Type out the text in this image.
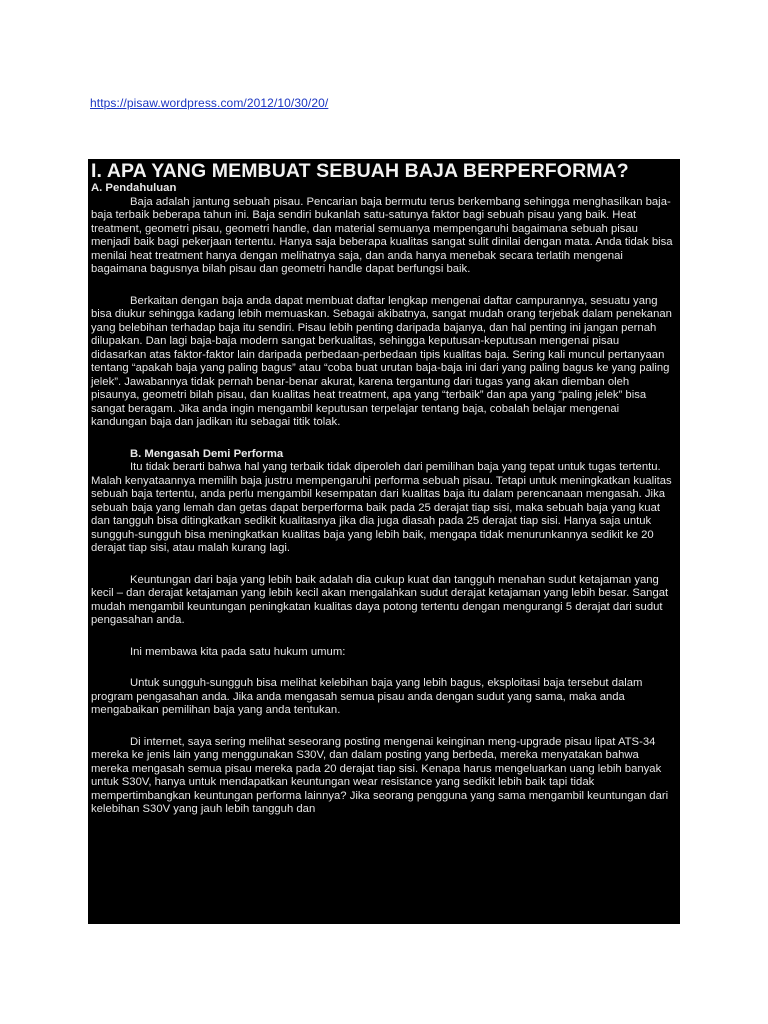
https://pisaw.wordpress.com/2012/10/30/20/
I. APA YANG MEMBUAT SEBUAH BAJA BERPERFORMA?
A. Pendahuluan

Baja adalah jantung sebuah pisau. Pencarian baja bermutu terus berkembang sehingga menghasilkan baja-baja terbaik beberapa tahun ini. Baja sendiri bukanlah satu-satunya faktor bagi sebuah pisau yang baik. Heat treatment, geometri pisau, geometri handle, dan material semuanya mempengaruhi bagaimana sebuah pisau menjadi baik bagi pekerjaan tertentu. Hanya saja beberapa kualitas sangat sulit dinilai dengan mata. Anda tidak bisa menilai heat treatment hanya dengan melihatnya saja, dan anda hanya menebak secara terlatih mengenai bagaimana bagusnya bilah pisau dan geometri handle dapat berfungsi baik.

Berkaitan dengan baja anda dapat membuat daftar lengkap mengenai daftar campurannya, sesuatu yang bisa diukur sehingga kadang lebih memuaskan. Sebagai akibatnya, sangat mudah orang terjebak dalam penekanan yang belebihan terhadap baja itu sendiri. Pisau lebih penting daripada bajanya, dan hal penting ini jangan pernah dilupakan. Dan lagi baja-baja modern sangat berkualitas, sehingga keputusan-keputusan mengenai pisau didasarkan atas faktor-faktor lain daripada perbedaan-perbedaan tipis kualitas baja. Sering kali muncul pertanyaan tentang “apakah baja yang paling bagus” atau “coba buat urutan baja-baja ini dari yang paling bagus ke yang paling jelek”. Jawabannya tidak pernah benar-benar akurat, karena tergantung dari tugas yang akan diemban oleh pisaunya, geometri bilah pisau, dan kualitas heat treatment, apa yang “terbaik” dan apa yang “paling jelek” bisa sangat beragam. Jika anda ingin mengambil keputusan terpelajar tentang baja, cobalah belajar mengenai kandungan baja dan jadikan itu sebagai titik tolak.

B. Mengasah Demi Performa

Itu tidak berarti bahwa hal yang terbaik tidak diperoleh dari pemilihan baja yang tepat untuk tugas tertentu. Malah kenyataannya memilih baja justru mempengaruhi performa sebuah pisau. Tetapi untuk meningkatkan kualitas sebuah baja tertentu, anda perlu mengambil kesempatan dari kualitas baja itu dalam perencanaan mengasah. Jika sebuah baja yang lemah dan getas dapat berperforma baik pada 25 derajat tiap sisi, maka sebuah baja yang kuat dan tangguh bisa ditingkatkan sedikit kualitasnya jika dia juga diasah pada 25 derajat tiap sisi. Hanya saja untuk sungguh-sungguh bisa meningkatkan kualitas baja yang lebih baik, mengapa tidak menurunkannya sedikit ke 20 derajat tiap sisi, atau malah kurang lagi.

Keuntungan dari baja yang lebih baik adalah dia cukup kuat dan tangguh menahan sudut ketajaman yang kecil – dan derajat ketajaman yang lebih kecil akan mengalahkan sudut derajat ketajaman yang lebih besar. Sangat mudah mengambil keuntungan peningkatan kualitas daya potong tertentu dengan mengurangi 5 derajat dari sudut pengasahan anda.

Ini membawa kita pada satu hukum umum:

Untuk sungguh-sungguh bisa melihat kelebihan baja yang lebih bagus, eksploitasi baja tersebut dalam program pengasahan anda. Jika anda mengasah semua pisau anda dengan sudut yang sama, maka anda mengabaikan pemilihan baja yang anda tentukan.

Di internet, saya sering melihat seseorang posting mengenai keinginan meng-upgrade pisau lipat ATS-34 mereka ke jenis lain yang menggunakan S30V, dan dalam posting yang berbeda, mereka menyatakan bahwa mereka mengasah semua pisau mereka pada 20 derajat tiap sisi. Kenapa harus mengeluarkan uang lebih banyak untuk S30V, hanya untuk mendapatkan keuntungan wear resistance yang sedikit lebih baik tapi tidak mempertimbangkan keuntungan performa lainnya? Jika seorang pengguna yang sama mengambil keuntungan dari kelebihan S30V yang jauh lebih tangguh dan
